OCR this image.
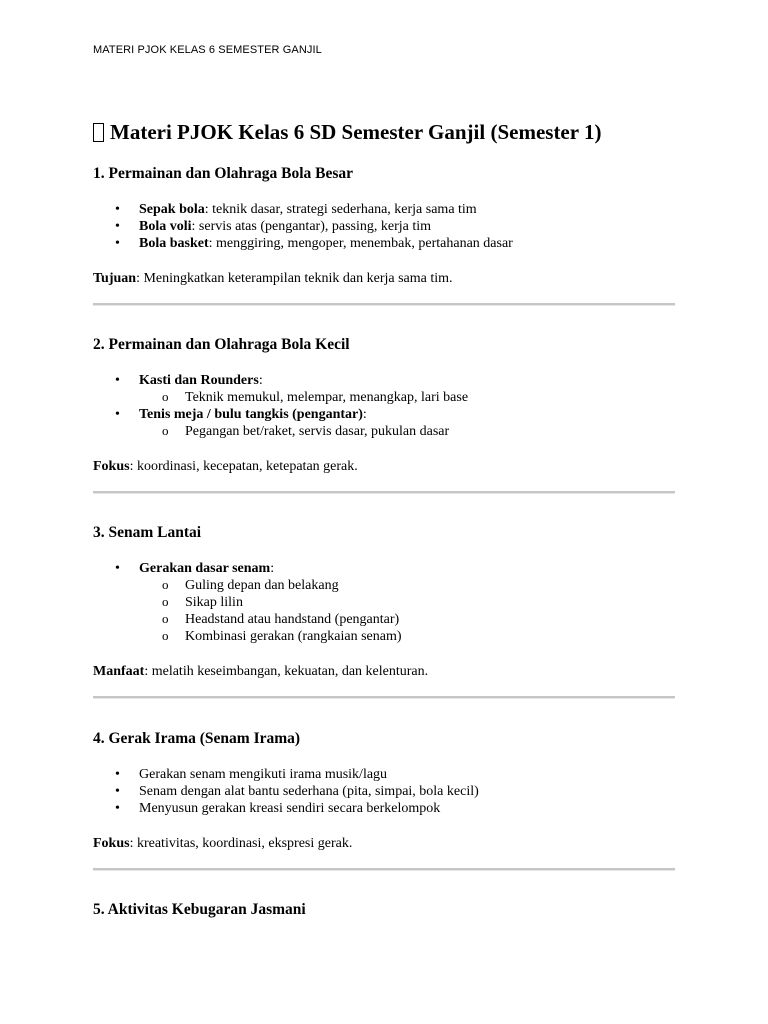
MATERI PJOK KELAS 6 SEMESTER GANJIL
Materi PJOK Kelas 6 SD Semester Ganjil (Semester 1)
1. Permainan dan Olahraga Bola Besar
• Sepak bola: teknik dasar, strategi sederhana, kerja sama tim
• Bola voli: servis atas (pengantar), passing, kerja tim
• Bola basket: menggiring, mengoper, menembak, pertahanan dasar

Tujuan: Meningkatkan keterampilan teknik dan kerja sama tim.

2. Permainan dan Olahraga Bola Kecil
• Kasti dan Rounders:
o Teknik memukul, melempar, menangkap, lari base
• Tenis meja / bulu tangkis (pengantar):
o Pegangan bet/raket, servis dasar, pukulan dasar

Fokus: koordinasi, kecepatan, ketepatan gerak.

3. Senam Lantai
• Gerakan dasar senam:
o Guling depan dan belakang
o Sikap lilin
o Headstand atau handstand (pengantar)
o Kombinasi gerakan (rangkaian senam)

Manfaat: melatih keseimbangan, kekuatan, dan kelenturan.

4. Gerak Irama (Senam Irama)
• Gerakan senam mengikuti irama musik/lagu
• Senam dengan alat bantu sederhana (pita, simpai, bola kecil)
• Menyusun gerakan kreasi sendiri secara berkelompok

Fokus: kreativitas, koordinasi, ekspresi gerak.

5. Aktivitas Kebugaran Jasmani
